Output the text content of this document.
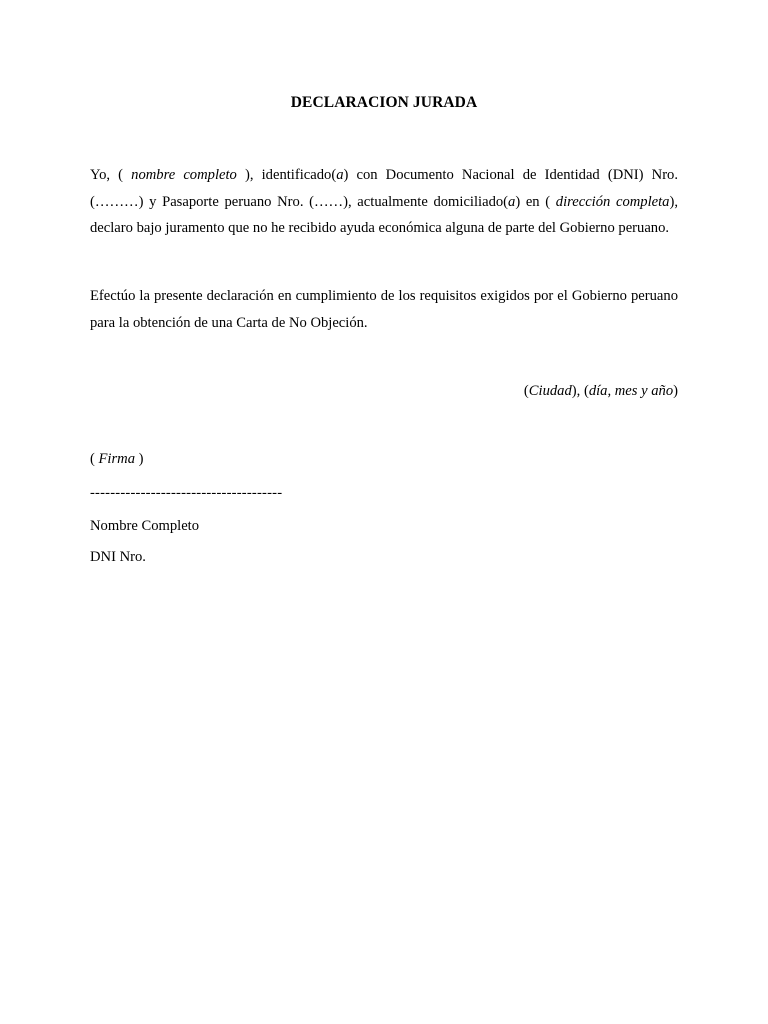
DECLARACION JURADA

Yo, ( nombre completo ), identificado(a) con Documento Nacional de Identidad (DNI) Nro. (………) y Pasaporte peruano Nro. (……), actualmente domiciliado(a) en ( dirección completa), declaro bajo juramento que no he recibido ayuda económica alguna de parte del Gobierno peruano.

Efectúo la presente declaración en cumplimiento de los requisitos exigidos por el Gobierno peruano para la obtención de una Carta de No Objeción.

(Ciudad), (día, mes y año)
( Firma )
--------------------------------------
Nombre Completo
DNI Nro.
